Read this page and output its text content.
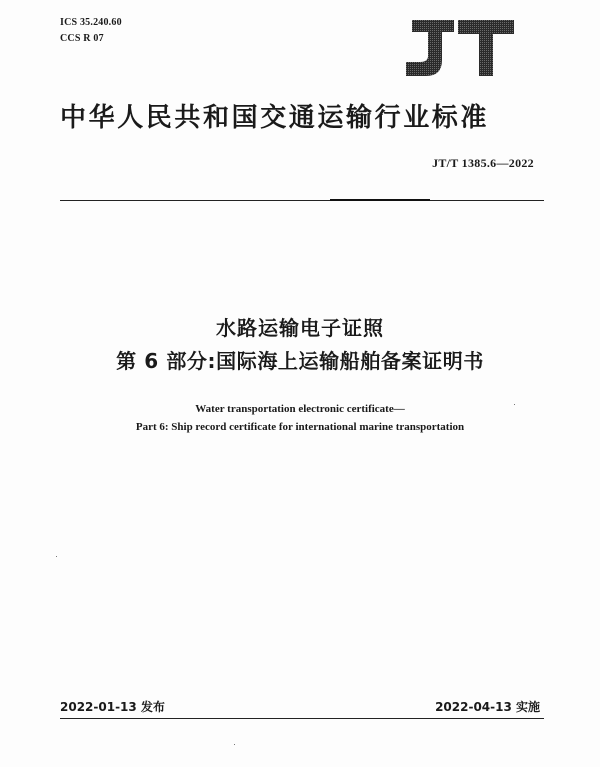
ICS 35.240.60
CCS R 07
中华人民共和国交通运输行业标准
JT/T 1385.6—2022
水路运输电子证照
第 6 部分:国际海上运输船舶备案证明书
Water transportation electronic certificate—
Part 6: Ship record certificate for international marine transportation
2022-01-13 发布	2022-04-13 实施
